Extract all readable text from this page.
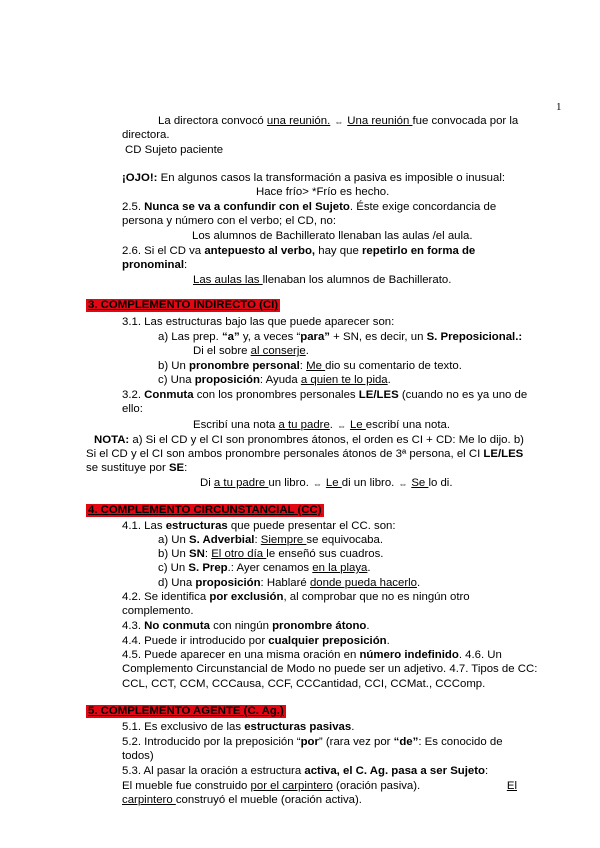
1
La directora convocó una reunión. ⇔ Una reunión fue convocada por la
directora.
CD Sujeto paciente
¡OJO!: En algunos casos la transformación a pasiva es imposible o inusual:
Hace frío> *Frío es hecho.
2.5. Nunca se va a confundir con el Sujeto. Éste exige concordancia de
persona y número con el verbo; el CD, no:
Los alumnos de Bachillerato llenaban las aulas /el aula.
2.6. Si el CD va antepuesto al verbo, hay que repetirlo en forma de
pronominal:
Las aulas las llenaban los alumnos de Bachillerato.
3. COMPLEMENTO INDIRECTO (CI)
3.1. Las estructuras bajo las que puede aparecer son:
a) Las prep. “a” y, a veces “para” + SN, es decir, un S. Preposicional.:
Di el sobre al conserje.
b) Un pronombre personal: Me dio su comentario de texto.
c) Una proposición: Ayuda a quien te lo pida.
3.2. Conmuta con los pronombres personales LE/LES (cuando no es ya uno de
ello:
Escribí una nota a tu padre. ⇔ Le escribí una nota.
NOTA: a) Si el CD y el CI son pronombres átonos, el orden es CI + CD: Me lo dijo. b)
Si el CD y el CI son ambos pronombre personales átonos de 3ª persona, el CI LE/LES
se sustituye por SE:
Di a tu padre un libro. ⇔ Le di un libro. ⇔ Se lo di.
4. COMPLEMENTO CIRCUNSTANCIAL (CC)
4.1. Las estructuras que puede presentar el CC. son:
a) Un S. Adverbial: Siempre se equivocaba.
b) Un SN: El otro día le enseñó sus cuadros.
c) Un S. Prep.: Ayer cenamos en la playa.
d) Una proposición: Hablaré donde pueda hacerlo.
4.2. Se identifica por exclusión, al comprobar que no es ningún otro
complemento.
4.3. No conmuta con ningún pronombre átono.
4.4. Puede ir introducido por cualquier preposición.
4.5. Puede aparecer en una misma oración en número indefinido. 4.6. Un
Complemento Circunstancial de Modo no puede ser un adjetivo. 4.7. Tipos de CC:
CCL, CCT, CCM, CCCausa, CCF, CCCantidad, CCI, CCMat., CCComp.
5. COMPLEMENTO AGENTE (C. Ag.)
5.1. Es exclusivo de las estructuras pasivas.
5.2. Introducido por la preposición “por” (rara vez por “de”: Es conocido de
todos)
5.3. Al pasar la oración a estructura activa, el C. Ag. pasa a ser Sujeto:
El mueble fue construido por el carpintero (oración pasiva).	El
carpintero construyó el mueble (oración activa).
